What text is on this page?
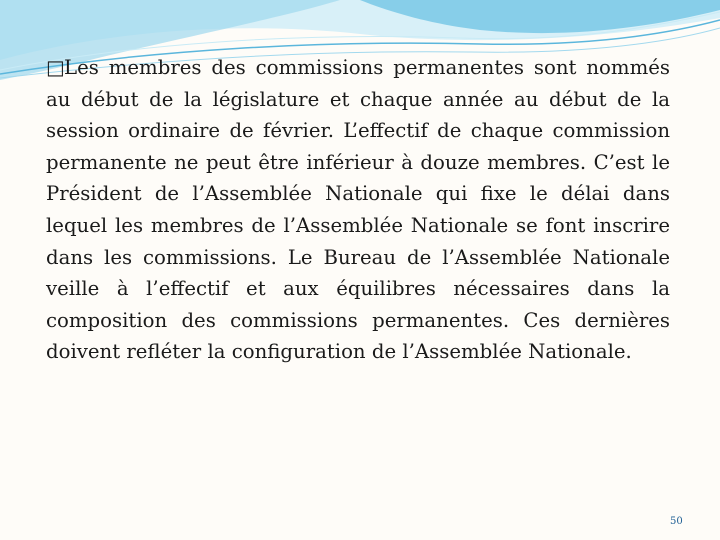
□Les membres des commissions permanentes sont nommés au début de la législature et chaque année au début de la session ordinaire de février. L’effectif de chaque commission permanente ne peut être inférieur à douze membres. C’est le Président de l’Assemblée Nationale qui fixe le délai dans lequel les membres de l’Assemblée Nationale se font inscrire dans les commissions. Le Bureau de l’Assemblée Nationale veille à l’effectif et aux équilibres nécessaires dans la composition des commissions permanentes. Ces dernières doivent refléter la configuration de l’Assemblée Nationale.

50
